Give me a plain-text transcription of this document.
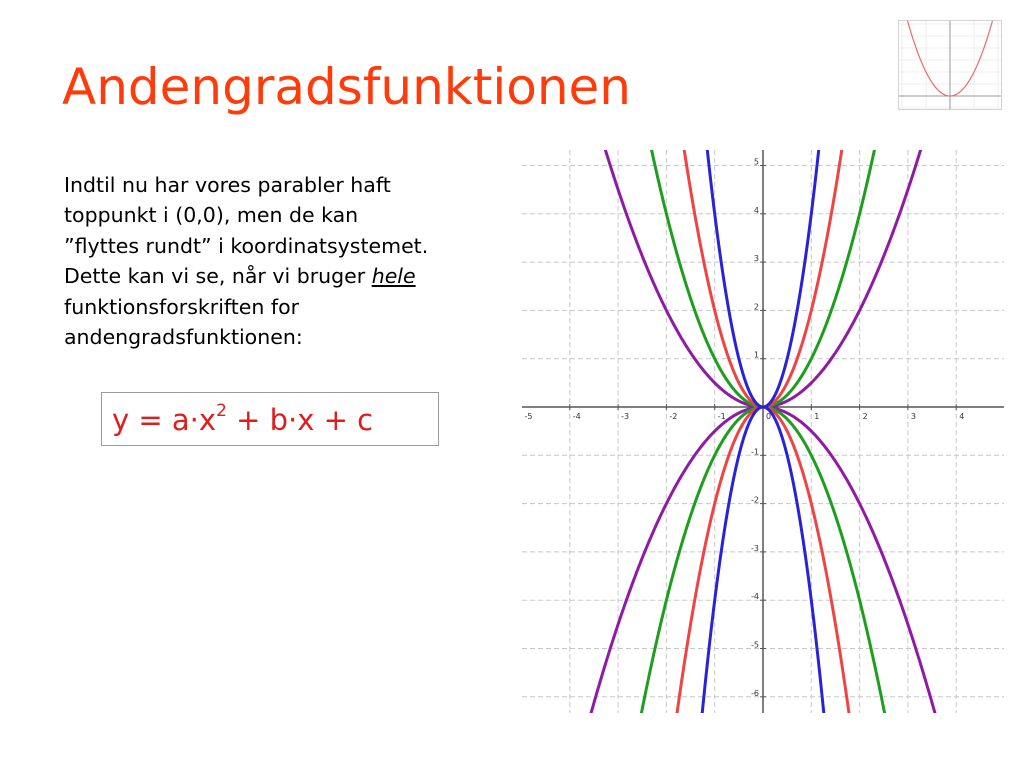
Andengradsfunktionen
Indtil nu har vores parabler haft
toppunkt i (0,0), men de kan
”flyttes rundt” i koordinatsystemet.
Dette kan vi se, når vi bruger hele
funktionsforskriften for
andengradsfunktionen:
$y = a\cdot x^2 + b\cdot x + c$	-5	-4	-3	-2	-1	0	1	2	3	4
5
4
3
2
1
-1
-2
-3
-4
-5
-6
